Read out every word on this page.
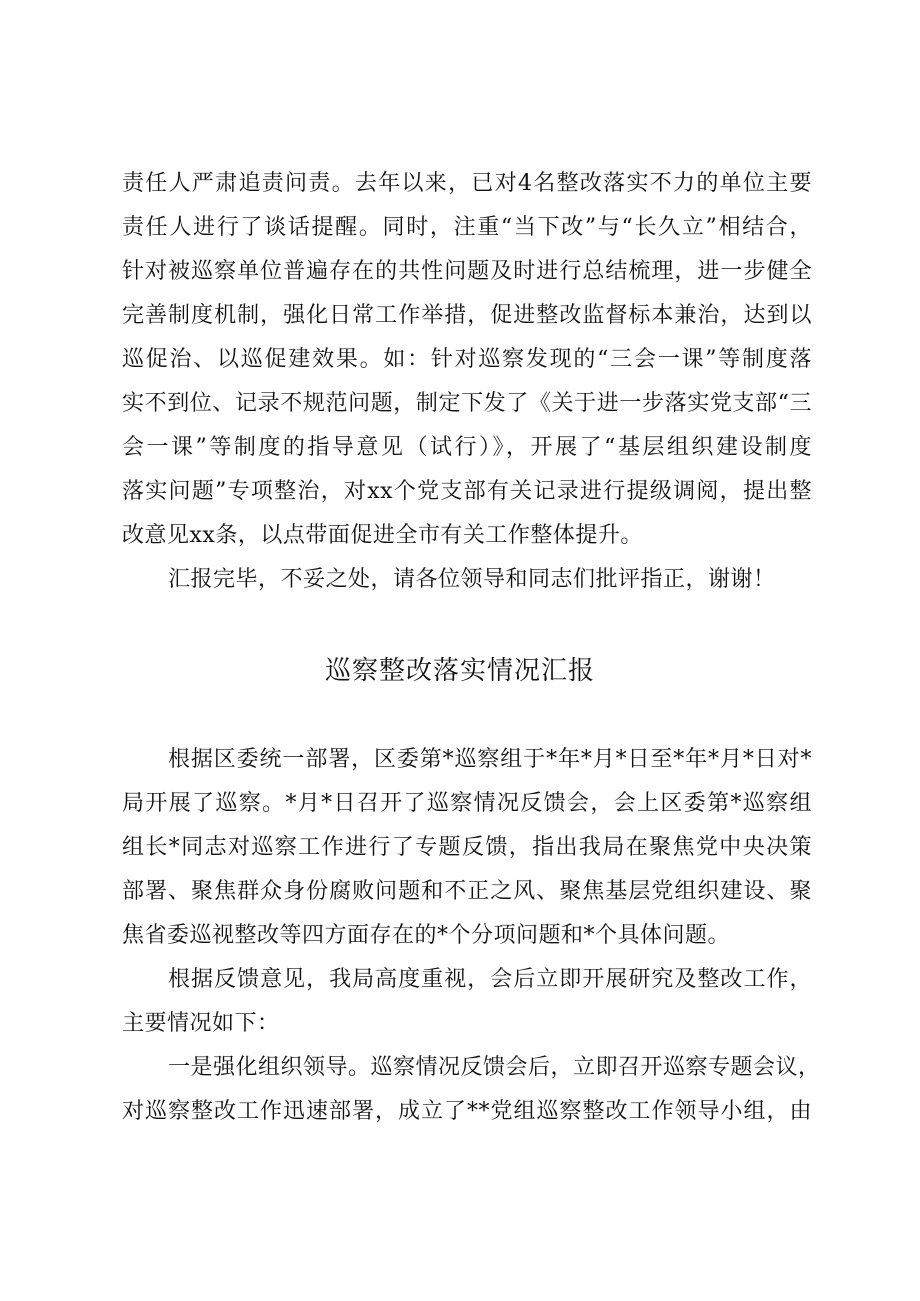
责任人严肃追责问责。去年以来，已对4名整改落实不力的单位主要
责任人进行了谈话提醒。同时，注重“当下改”与“长久立”相结合，
针对被巡察单位普遍存在的共性问题及时进行总结梳理，进一步健全
完善制度机制，强化日常工作举措，促进整改监督标本兼治，达到以
巡促治、以巡促建效果。如：针对巡察发现的“三会一课”等制度落
实不到位、记录不规范问题，制定下发了《关于进一步落实党支部“三
会一课”等制度的指导意见（试行）》，开展了“基层组织建设制度
落实问题”专项整治，对xx个党支部有关记录进行提级调阅，提出整
改意见xx条，以点带面促进全市有关工作整体提升。
汇报完毕，不妥之处，请各位领导和同志们批评指正，谢谢！
巡察整改落实情况汇报
根据区委统一部署，区委第*巡察组于*年*月*日至*年*月*日对*
局开展了巡察。*月*日召开了巡察情况反馈会，会上区委第*巡察组
组长*同志对巡察工作进行了专题反馈，指出我局在聚焦党中央决策
部署、聚焦群众身份腐败问题和不正之风、聚焦基层党组织建设、聚
焦省委巡视整改等四方面存在的*个分项问题和*个具体问题。
根据反馈意见，我局高度重视，会后立即开展研究及整改工作，
主要情况如下：
一是强化组织领导。巡察情况反馈会后，立即召开巡察专题会议，
对巡察整改工作迅速部署，成立了**党组巡察整改工作领导小组，由
